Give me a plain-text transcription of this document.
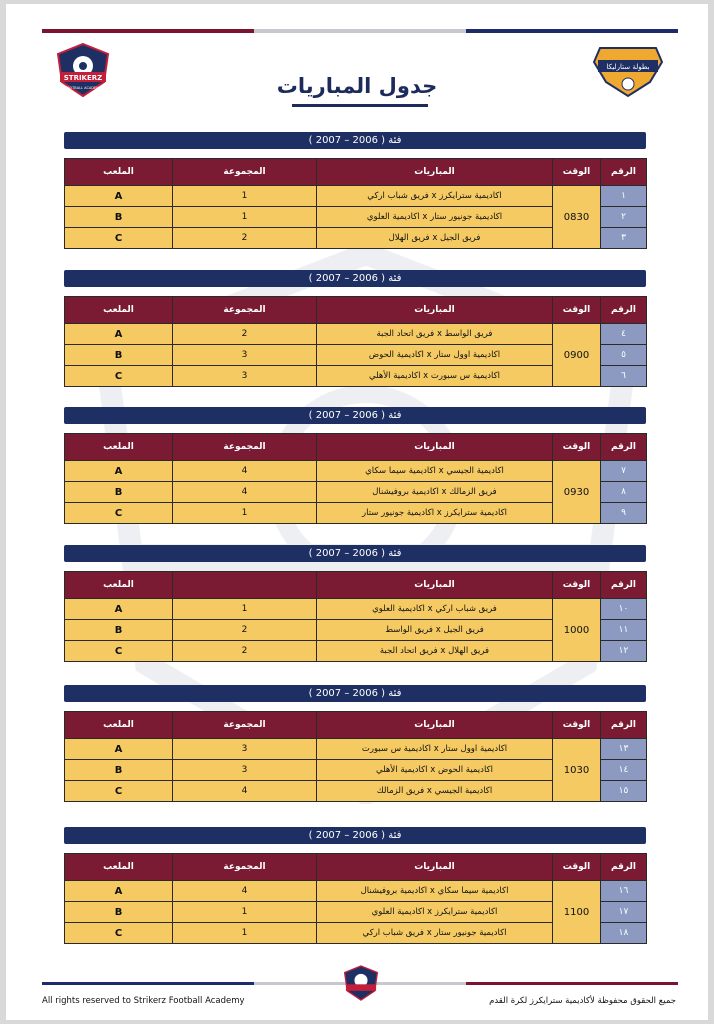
STRIKERZ
FOOTBALL ACADEMY
بطولة ستارليكا
جدول المباريات
فئة ( 2006 – 2007 )
الملعب	المجموعة	المباريات	الوقت	الرقم
A	1	اكاديمية سترايكرز x فريق شباب اركي	0830	١
B	1	اكاديمية جونيور ستار x اكاديمية العلوي		٢
C	2	فريق الجيل x فريق الهلال		٣
فئة ( 2006 – 2007 )
الملعب	المجموعة	المباريات	الوقت	الرقم
A	2	فريق الواسط x فريق اتحاد الجبة	0900	٤
B	3	اكاديمية اوول ستار x اكاديمية الحوض		٥
C	3	اكاديمية س سبورت x اكاديمية الأهلي		٦
فئة ( 2006 – 2007 )
الملعب	المجموعة	المباريات	الوقت	الرقم
A	4	اكاديمية الجيسي x اكاديمية سيما سكاي	0930	٧
B	4	فريق الزمالك x اكاديمية بروفيشنال		٨
C	1	اكاديمية سترايكرز x اكاديمية جونيور ستار		٩
فئة ( 2006 – 2007 )
الملعب		المباريات	الوقت	الرقم
A	1	فريق شباب اركي x اكاديمية العلوي	1000	١٠
B	2	فريق الجيل x فريق الواسط		١١
C	2	فريق الهلال x فريق اتحاد الجبة		١٢
فئة ( 2006 – 2007 )
الملعب	المجموعة	المباريات	الوقت	الرقم
A	3	اكاديمية اوول ستار x اكاديمية س سبورت	1030	١٣
B	3	اكاديمية الحوض x اكاديمية الأهلي		١٤
C	4	اكاديمية الجيسي x فريق الزمالك		١٥
فئة ( 2006 – 2007 )
الملعب	المجموعة	المباريات	الوقت	الرقم
A	4	اكاديمية سيما سكاي x اكاديمية بروفيشنال	1100	١٦
B	1	اكاديمية سترايكرز x اكاديمية العلوي		١٧
C	1	اكاديمية جونيور ستار x فريق شباب اركي		١٨
All rights reserved to Strikerz Football Academy	جميع الحقوق محفوظة لأكاديمية سترايكرز لكرة القدم
